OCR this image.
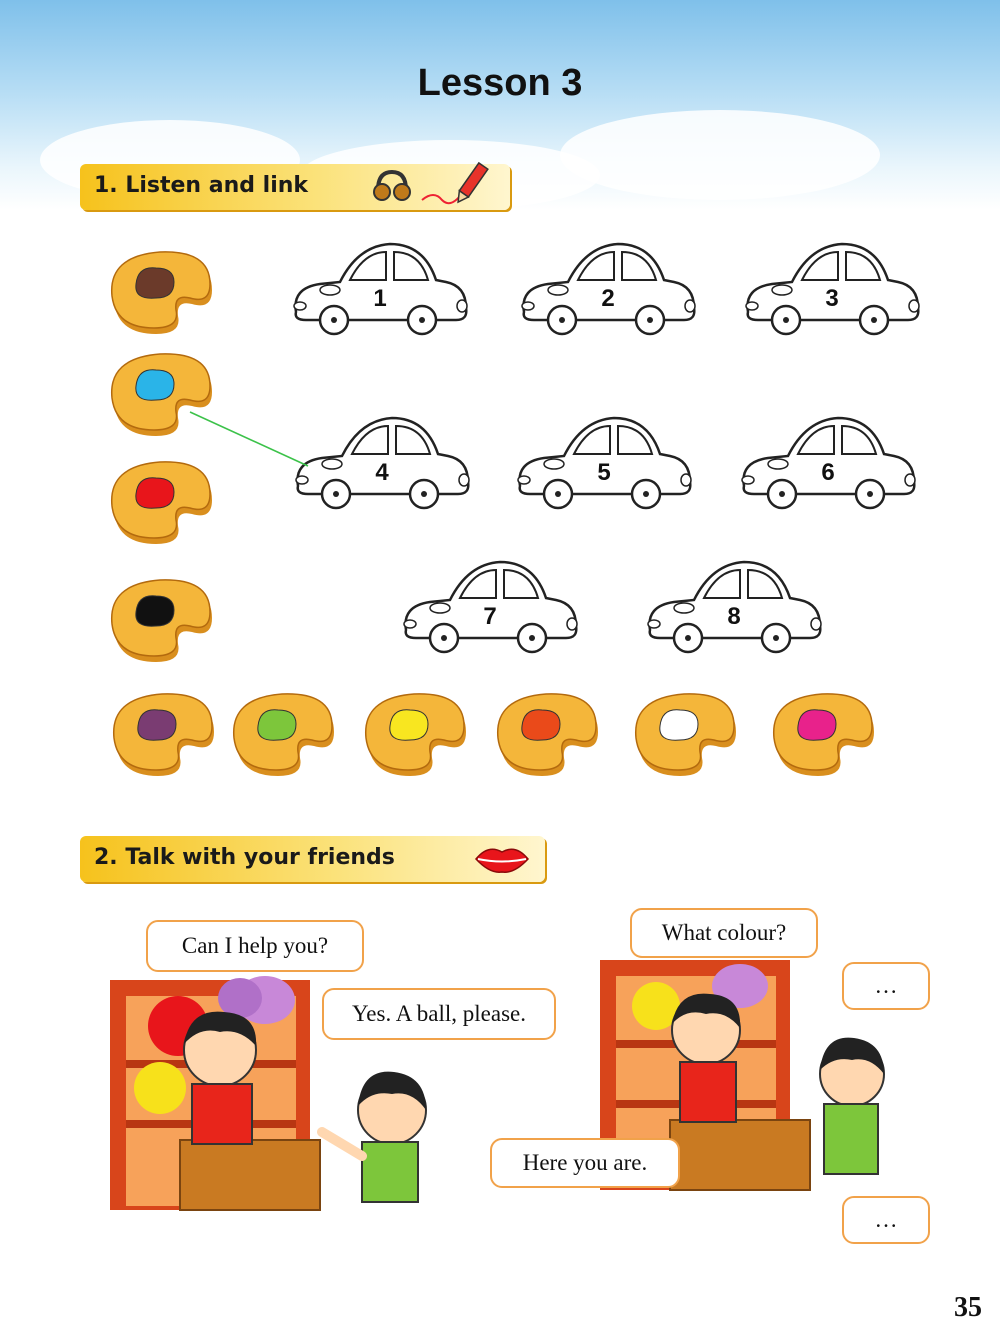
Lesson 3
1. Listen and link
1	2	3
4	5	6
7	8
2. Talk with your friends
Can I help you?
Yes. A ball, please.
What colour?
Here you are.
…
…
35
